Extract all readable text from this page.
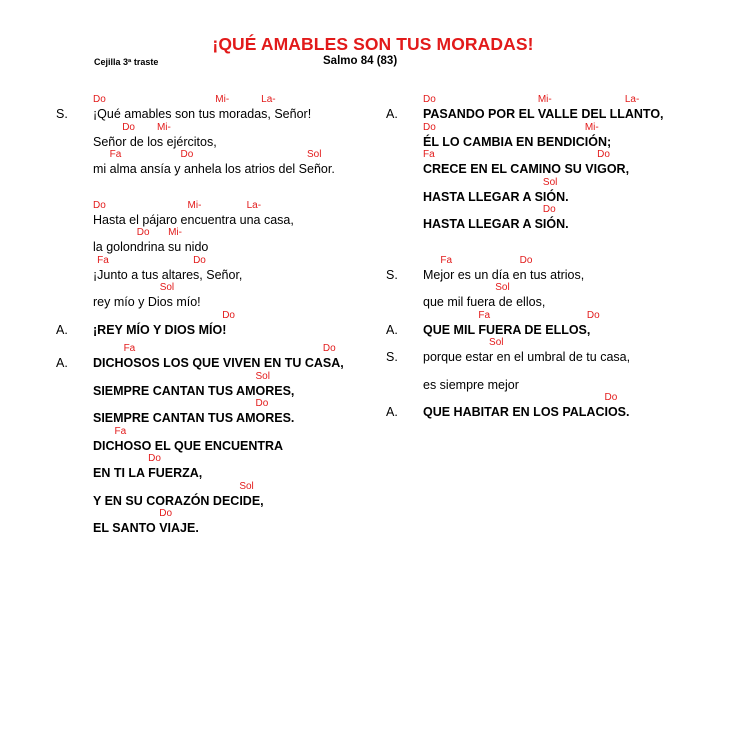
¡QUÉ AMABLES SON TUS MORADAS!
Cejilla 3ª traste	Salmo 84 (83)
Do	Mi-	La-
S. ¡Qué amables son tus moradas, Señor!
Do Mi-
Señor de los ejércitos,
Fa	Do	Sol
mi alma ansía y anhela los atrios del Señor.
Do	Mi-	La-
Hasta el pájaro encuentra una casa,
Do Mi-
la golondrina su nido
Fa	Do
¡Junto a tus altares, Señor,
Sol
rey mío y Dios mío!
Do
A. ¡REY MÍO Y DIOS MÍO!
Fa	Do
A. DICHOSOS LOS QUE VIVEN EN TU CASA,
Sol
SIEMPRE CANTAN TUS AMORES,
Do
SIEMPRE CANTAN TUS AMORES.
Fa
DICHOSO EL QUE ENCUENTRA
Do
EN TI LA FUERZA,
Sol
Y EN SU CORAZÓN DECIDE,
Do
EL SANTO VIAJE.
Do	Mi-	La-
A. PASANDO POR EL VALLE DEL LLANTO,
Do	Mi-
ÉL LO CAMBIA EN BENDICIÓN;
Fa	Do
CRECE EN EL CAMINO SU VIGOR,
Sol
HASTA LLEGAR A SIÓN.
Do
HASTA LLEGAR A SIÓN.
Fa	Do
S. Mejor es un día en tus atrios,
Sol
que mil fuera de ellos,
Fa	Do
A. QUE MIL FUERA DE ELLOS,
Sol
S. porque estar en el umbral de tu casa,
es siempre mejor
Do
A. QUE HABITAR EN LOS PALACIOS.
